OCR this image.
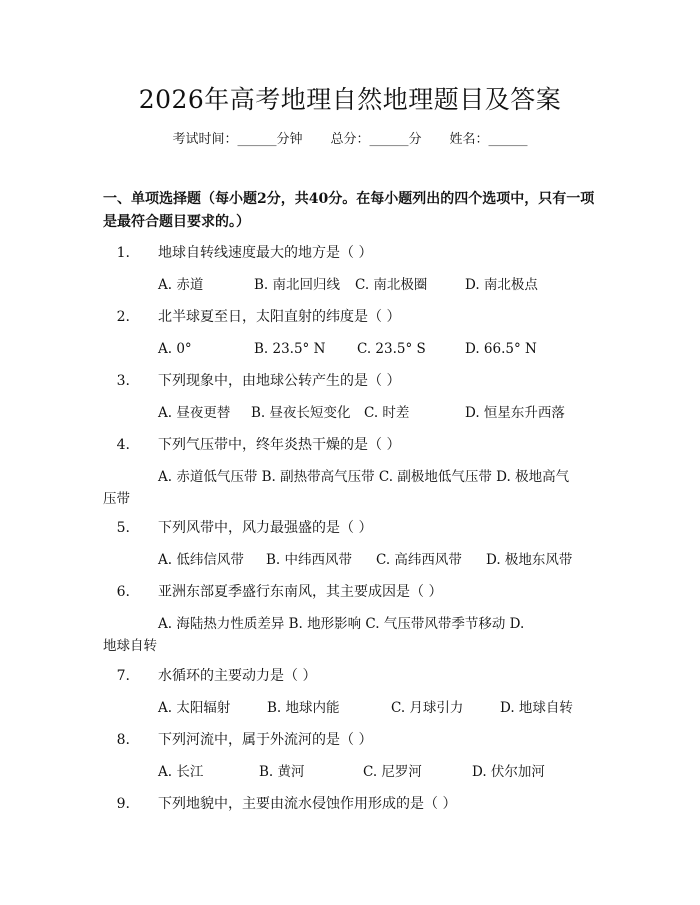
2026年高考地理自然地理题目及答案
考试时间：______分钟 总分：______分 姓名：______
一、单项选择题（每小题2分，共40分。在每小题列出的四个选项中，只有一项是最符合题目要求的。）
1. 地球自转线速度最大的地方是（ ）
A. 赤道	B. 南北回归线 C. 南北极圈	D. 南北极点
2. 北半球夏至日，太阳直射的纬度是（ ）
A. 0°	B. 23.5° N C. 23.5° S	D. 66.5° N
3. 下列现象中，由地球公转产生的是（ ）
A. 昼夜更替 B. 昼夜长短变化 C. 时差	D. 恒星东升西落
4. 下列气压带中，终年炎热干燥的是（ ）
A. 赤道低气压带 B. 副热带高气压带 C. 副极地低气压带 D. 极地高气
压带
5. 下列风带中，风力最强盛的是（ ）
A. 低纬信风带 B. 中纬西风带 C. 高纬西风带 D. 极地东风带
6. 亚洲东部夏季盛行东南风，其主要成因是（ ）
A. 海陆热力性质差异 B. 地形影响 C. 气压带风带季节移动 D.
地球自转
7. 水循环的主要动力是（ ）
A. 太阳辐射	B. 地球内能	C. 月球引力	D. 地球自转
8. 下列河流中，属于外流河的是（ ）
A. 长江	B. 黄河	C. 尼罗河	D. 伏尔加河
9. 下列地貌中，主要由流水侵蚀作用形成的是（ ）
